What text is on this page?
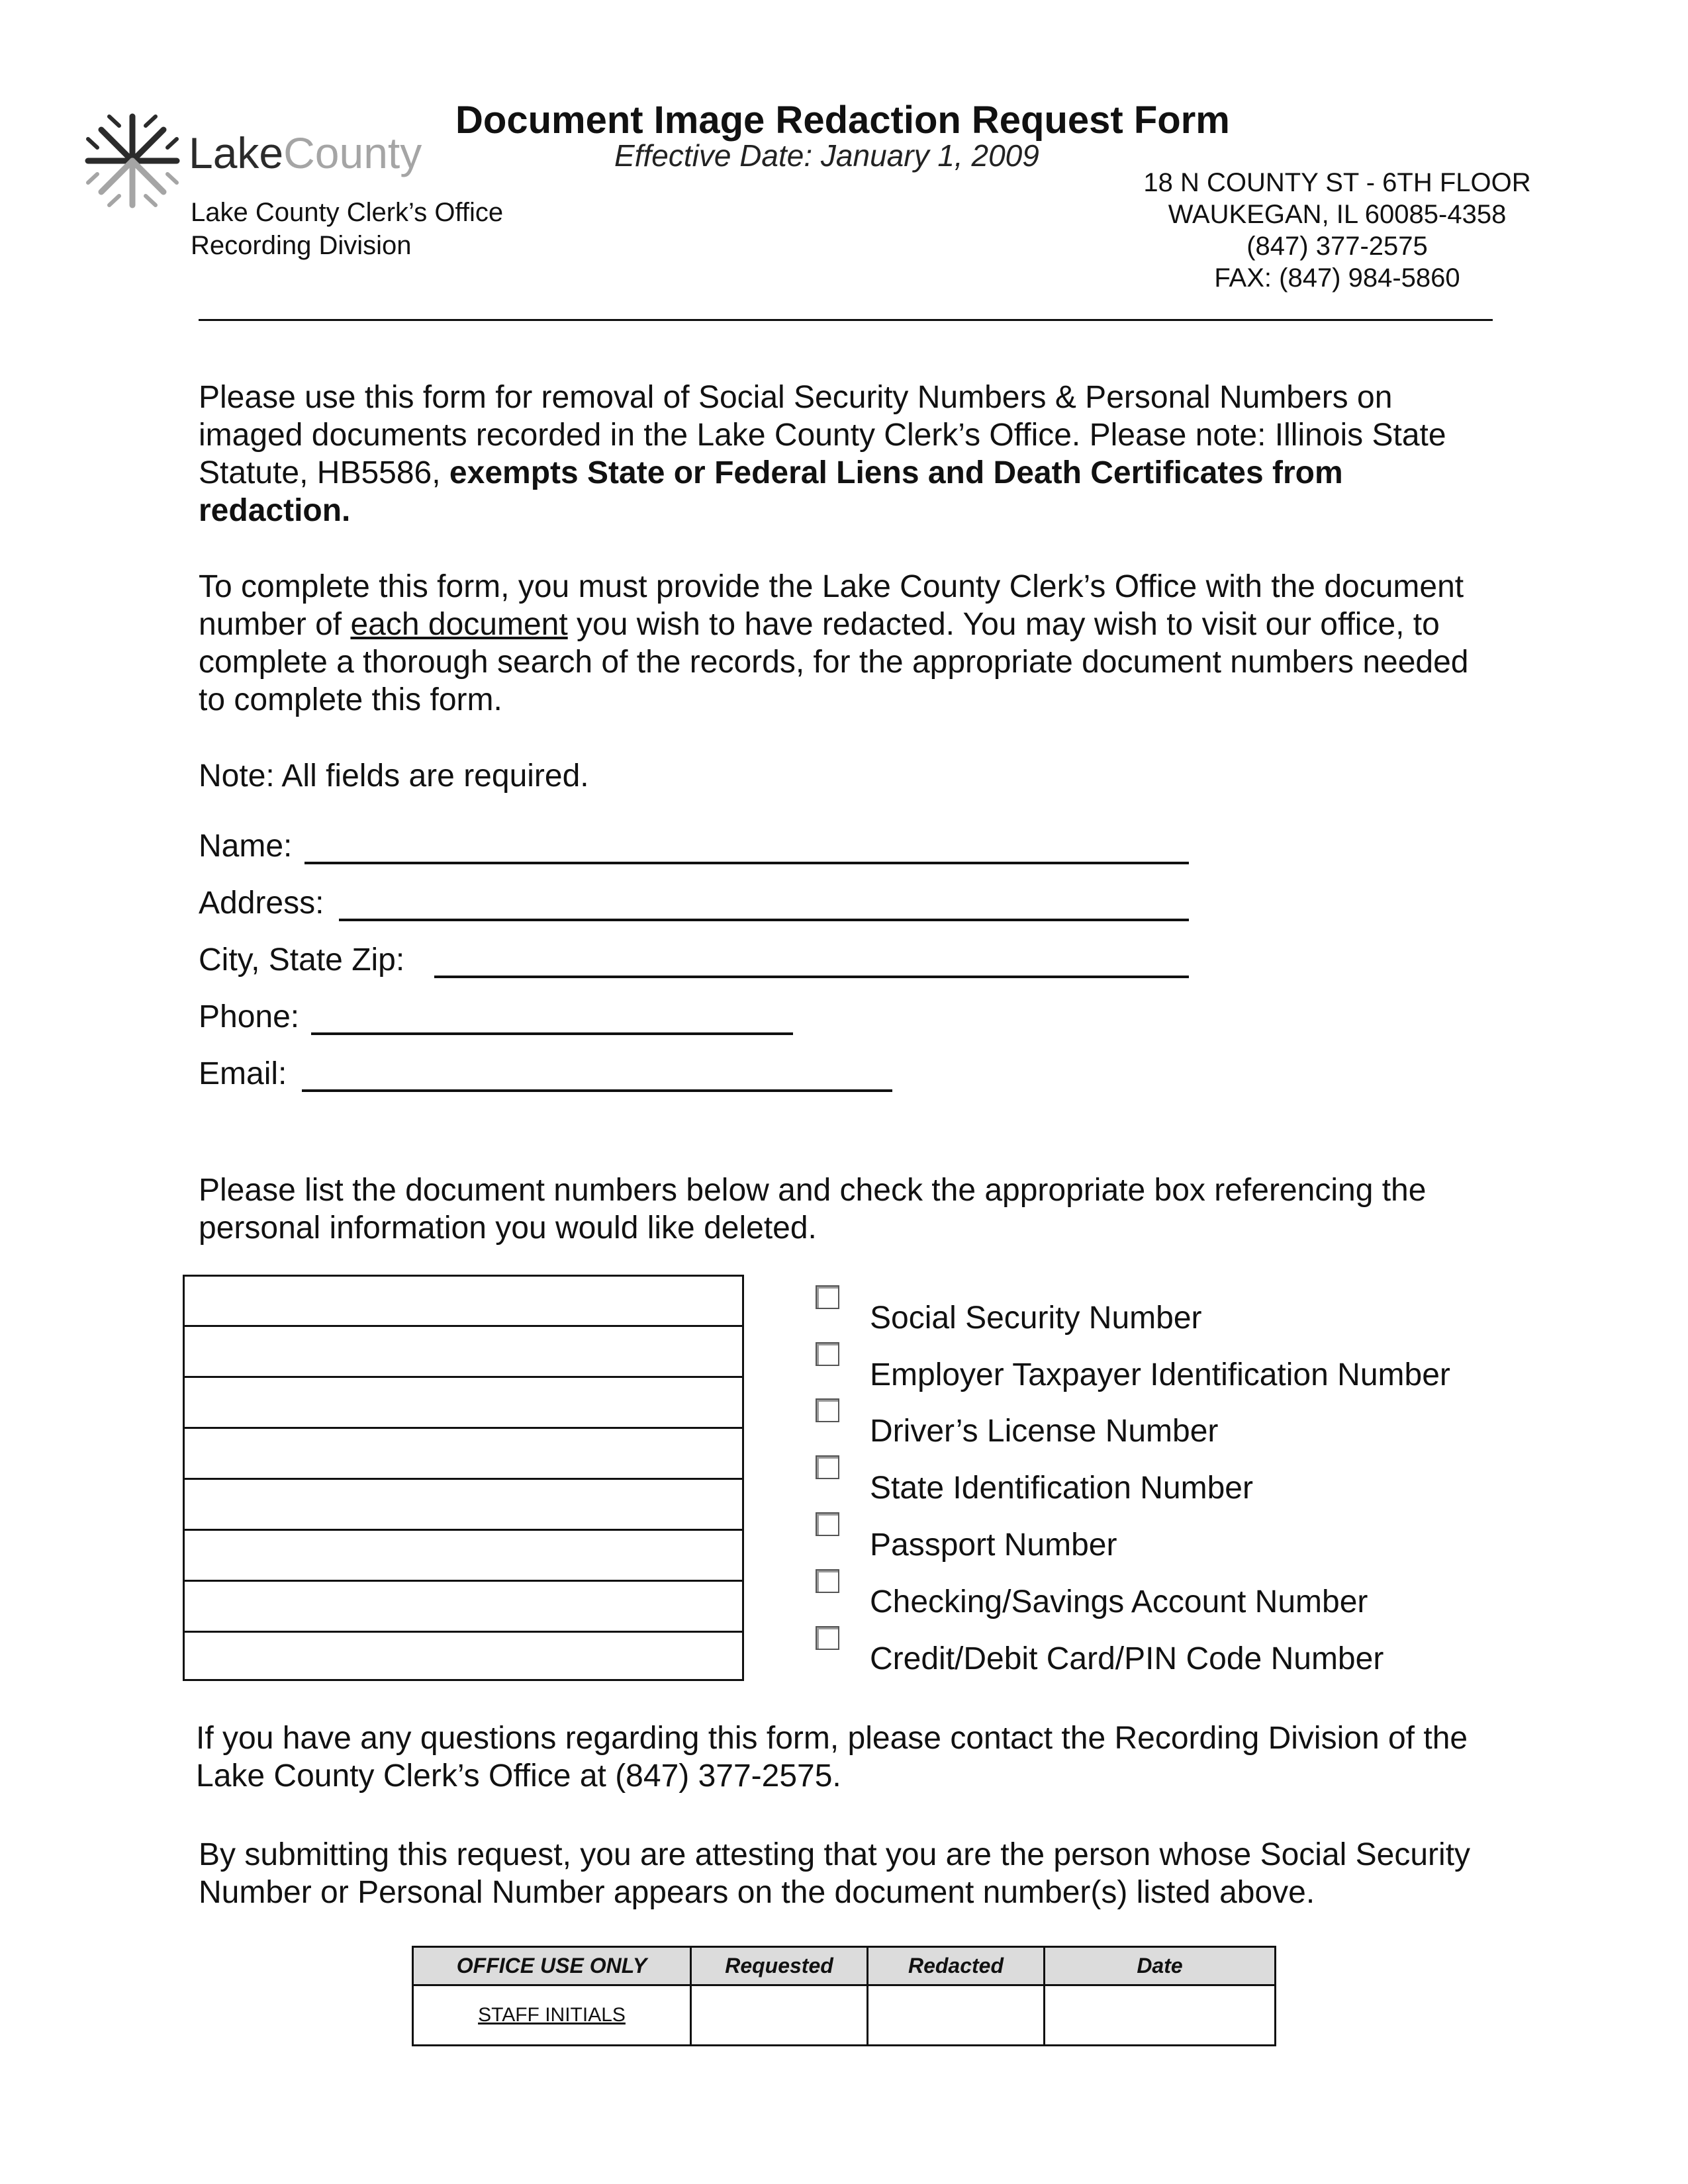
LakeCounty
Document Image Redaction Request Form
Effective Date: January 1, 2009
Lake County Clerk’s Office
Recording Division
18 N COUNTY ST - 6TH FLOOR
WAUKEGAN, IL 60085-4358
(847) 377-2575
FAX: (847) 984-5860
Please use this form for removal of Social Security Numbers & Personal Numbers on imaged documents recorded in the Lake County Clerk’s Office. Please note: Illinois State Statute, HB5586, exempts State or Federal Liens and Death Certificates from redaction.
To complete this form, you must provide the Lake County Clerk’s Office with the document number of each document you wish to have redacted. You may wish to visit our office, to complete a thorough search of the records, for the appropriate document numbers needed to complete this form.
Note: All fields are required.
Name:
Address:
City, State Zip:
Phone:
Email:
Please list the document numbers below and check the appropriate box referencing the personal information you would like deleted.
Social Security Number
Employer Taxpayer Identification Number
Driver’s License Number
State Identification Number
Passport Number
Checking/Savings Account Number
Credit/Debit Card/PIN Code Number
If you have any questions regarding this form, please contact the Recording Division of the Lake County Clerk’s Office at (847) 377-2575.
By submitting this request, you are attesting that you are the person whose Social Security Number or Personal Number appears on the document number(s) listed above.
OFFICE USE ONLY	Requested	Redacted	Date
STAFF INITIALS			
